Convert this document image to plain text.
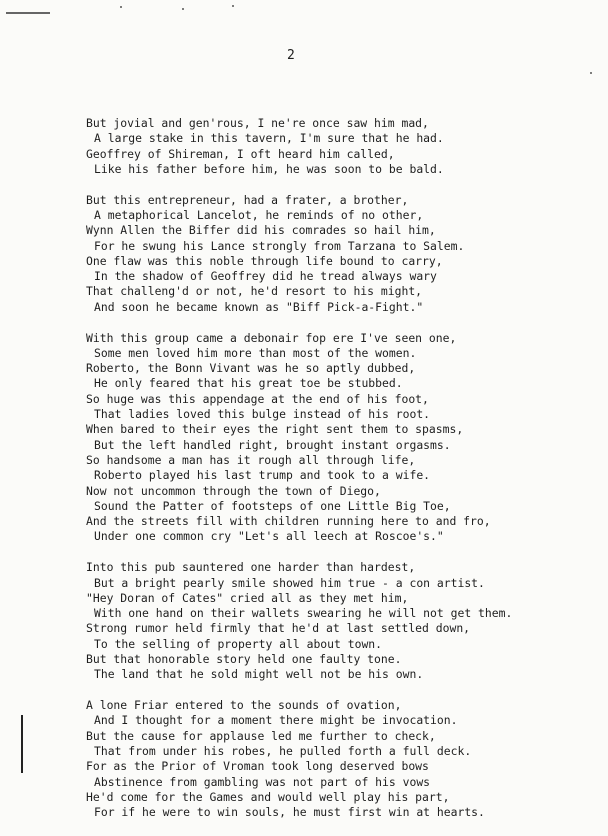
2
But jovial and gen'rous, I ne're once saw him mad,
A large stake in this tavern, I'm sure that he had.
Geoffrey of Shireman, I oft heard him called,
Like his father before him, he was soon to be bald.
But this entrepreneur, had a frater, a brother,
A metaphorical Lancelot, he reminds of no other,
Wynn Allen the Biffer did his comrades so hail him,
For he swung his Lance strongly from Tarzana to Salem.
One flaw was this noble through life bound to carry,
In the shadow of Geoffrey did he tread always wary
That challeng'd or not, he'd resort to his might,
And soon he became known as "Biff Pick-a-Fight."
With this group came a debonair fop ere I've seen one,
Some men loved him more than most of the women.
Roberto, the Bonn Vivant was he so aptly dubbed,
He only feared that his great toe be stubbed.
So huge was this appendage at the end of his foot,
That ladies loved this bulge instead of his root.
When bared to their eyes the right sent them to spasms,
But the left handled right, brought instant orgasms.
So handsome a man has it rough all through life,
Roberto played his last trump and took to a wife.
Now not uncommon through the town of Diego,
Sound the Patter of footsteps of one Little Big Toe,
And the streets fill with children running here to and fro,
Under one common cry "Let's all leech at Roscoe's."
Into this pub sauntered one harder than hardest,
But a bright pearly smile showed him true - a con artist.
"Hey Doran of Cates" cried all as they met him,
With one hand on their wallets swearing he will not get them.
Strong rumor held firmly that he'd at last settled down,
To the selling of property all about town.
But that honorable story held one faulty tone.
The land that he sold might well not be his own.
A lone Friar entered to the sounds of ovation,
And I thought for a moment there might be invocation.
But the cause for applause led me further to check,
That from under his robes, he pulled forth a full deck.
For as the Prior of Vroman took long deserved bows
Abstinence from gambling was not part of his vows
He'd come for the Games and would well play his part,
For if he were to win souls, he must first win at hearts.
